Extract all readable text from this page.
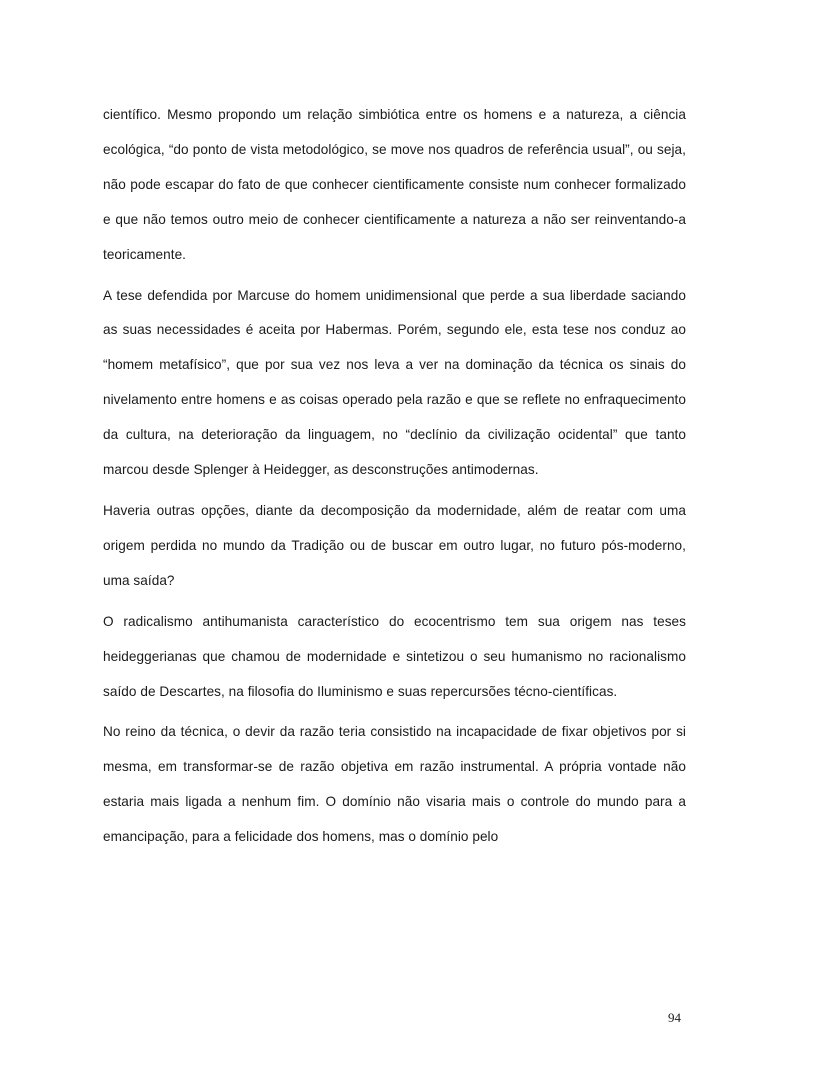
científico. Mesmo propondo um relação simbiótica entre os homens e a natureza, a ciência ecológica, “do ponto de vista metodológico, se move nos quadros de referência usual”, ou seja, não pode escapar do fato de que conhecer cientificamente consiste num conhecer formalizado e que não temos outro meio de conhecer cientificamente a natureza a não ser reinventando-a teoricamente.

A tese defendida por Marcuse do homem unidimensional que perde a sua liberdade saciando as suas necessidades é aceita por Habermas. Porém, segundo ele, esta tese nos conduz ao “homem metafísico”, que por sua vez nos leva a ver na dominação da técnica os sinais do nivelamento entre homens e as coisas operado pela razão e que se reflete no enfraquecimento da cultura, na deterioração da linguagem, no “declínio da civilização ocidental” que tanto marcou desde Splenger à Heidegger, as desconstruções antimodernas.

Haveria outras opções, diante da decomposição da modernidade, além de reatar com uma origem perdida no mundo da Tradição ou de buscar em outro lugar, no futuro pós-moderno, uma saída?

O radicalismo antihumanista característico do ecocentrismo tem sua origem nas teses heideggerianas que chamou de modernidade e sintetizou o seu humanismo no racionalismo saído de Descartes, na filosofia do Iluminismo e suas repercursões técno-científicas.

No reino da técnica, o devir da razão teria consistido na incapacidade de fixar objetivos por si mesma, em transformar-se de razão objetiva em razão instrumental. A própria vontade não estaria mais ligada a nenhum fim. O domínio não visaria mais o controle do mundo para a emancipação, para a felicidade dos homens, mas o domínio pelo

94
